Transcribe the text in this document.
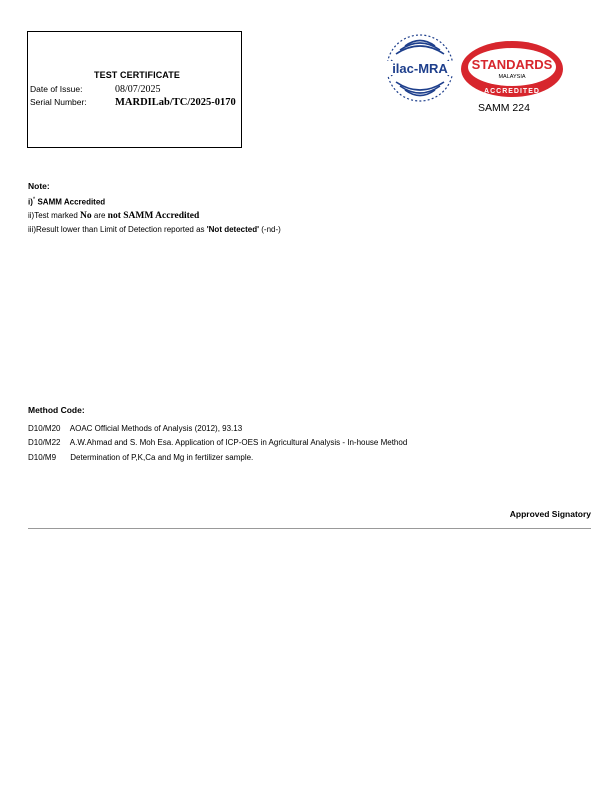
TEST CERTIFICATE
Date of Issue:	08/07/2025
Serial Number:	MARDILab/TC/2025-0170
ilac-MRA STANDARDS
MALAYSIA
ACCREDITED
SAMM 224
Note:
i)* SAMM Accredited
ii)Test marked No are not SAMM Accredited
iii)Result lower than Limit of Detection reported as 'Not detected' (-nd-)
Method Code:
D10/M20 AOAC Official Methods of Analysis (2012), 93.13
D10/M22 A.W.Ahmad and S. Moh Esa. Application of ICP-OES in Agricultural Analysis - In-house Method
D10/M9 Determination of P,K,Ca and Mg in fertilizer sample.
Approved Signatory
